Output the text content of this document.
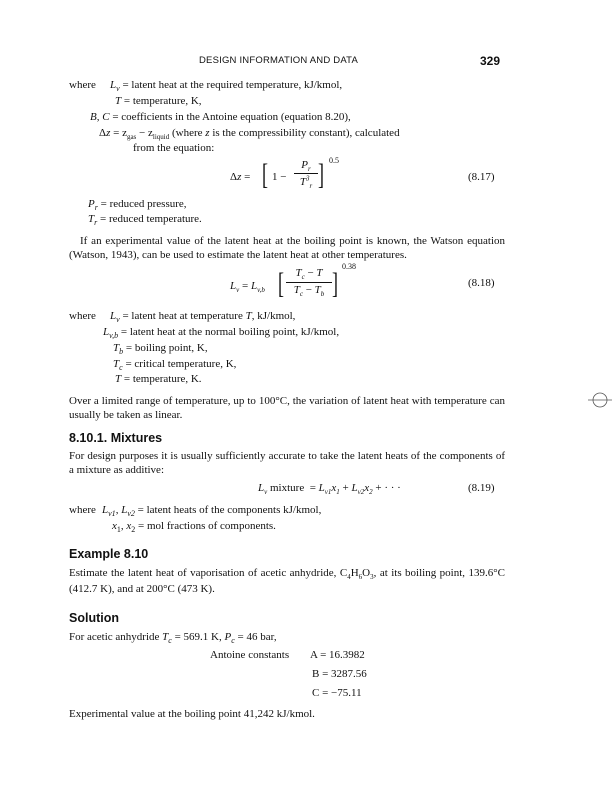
DESIGN INFORMATION AND DATA	329
where $L_v$ = latent heat at the required temperature, kJ/kmol,
T = temperature, K,
B, C = coefficients in the Antoine equation (equation 8.20),
$\Delta z = z_{gas} - z_{liquid}$ (where z is the compressibility constant), calculated
from the equation:
Δz = [ 1 −
$P_r$
$T^3_r$ ] 0.5
(8.17)
$P_r$ = reduced pressure,
$T_r$ = reduced temperature.
If an experimental value of the latent heat at the boiling point is known, the Watson equation (Watson, 1943), can be used to estimate the latent heat at other temperatures.
$L_v = L_{v,b}$ [	$T_c - T$
$T_c - T_b$ ]
0.38
(8.18)
where $L_v$ = latent heat at temperature T, kJ/kmol,
$L_{v,b}$ = latent heat at the normal boiling point, kJ/kmol,
$T_b$ = boiling point, K,
$T_c$ = critical temperature, K,
T = temperature, K.
Over a limited range of temperature, up to 100°C, the variation of latent heat with temperature can usually be taken as linear.
8.10.1. Mixtures
For design purposes it is usually sufficiently accurate to take the latent heats of the components of a mixture as additive:
$L_v$ mixture  = $L_{v1}x_1 + L_{v2}x_2$ + · · ·	(8.19)
where $L_{v1}$, $L_{v2}$ = latent heats of the components kJ/kmol,
$x_1$, $x_2$ = mol fractions of components.
Example 8.10
Estimate the latent heat of vaporisation of acetic anhydride, $C_4H_6O_3$, at its boiling point, 139.6°C (412.7 K), and at 200°C (473 K).
Solution
For acetic anhydride $T_c = 569.1$ K, $P_c = 46$ bar,
Antoine constants A = 16.3982
B = 3287.56
C = −75.11
Experimental value at the boiling point 41,242 kJ/kmol.
